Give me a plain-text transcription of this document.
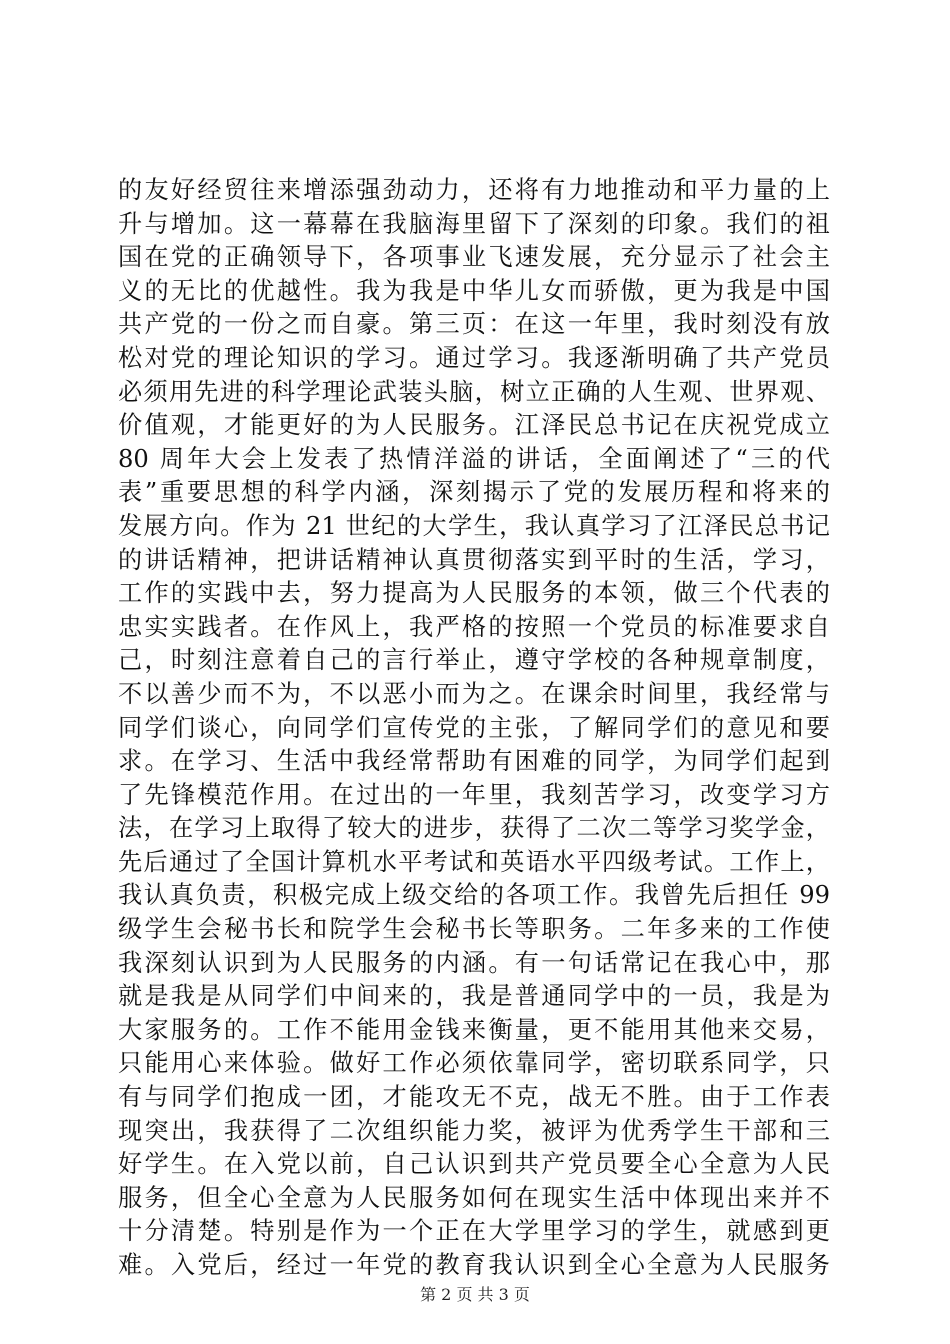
的友好经贸往来增添强劲动力，还将有力地推动和平力量的上
升与增加。这一幕幕在我脑海里留下了深刻的印象。我们的祖
国在党的正确领导下，各项事业飞速发展，充分显示了社会主
义的无比的优越性。我为我是中华儿女而骄傲，更为我是中国
共产党的一份之而自豪。第三页：在这一年里，我时刻没有放
松对党的理论知识的学习。通过学习。我逐渐明确了共产党员
必须用先进的科学理论武装头脑，树立正确的人生观、世界观、
价值观，才能更好的为人民服务。江泽民总书记在庆祝党成立
80 周年大会上发表了热情洋溢的讲话，全面阐述了“三的代
表”重要思想的科学内涵，深刻揭示了党的发展历程和将来的
发展方向。作为 21 世纪的大学生，我认真学习了江泽民总书记
的讲话精神，把讲话精神认真贯彻落实到平时的生活，学习，
工作的实践中去，努力提高为人民服务的本领，做三个代表的
忠实实践者。在作风上，我严格的按照一个党员的标准要求自
己，时刻注意着自己的言行举止，遵守学校的各种规章制度，
不以善少而不为，不以恶小而为之。在课余时间里，我经常与
同学们谈心，向同学们宣传党的主张，了解同学们的意见和要
求。在学习、生活中我经常帮助有困难的同学，为同学们起到
了先锋模范作用。在过出的一年里，我刻苦学习，改变学习方
法，在学习上取得了较大的进步，获得了二次二等学习奖学金，
先后通过了全国计算机水平考试和英语水平四级考试。工作上，
我认真负责，积极完成上级交给的各项工作。我曾先后担任 99
级学生会秘书长和院学生会秘书长等职务。二年多来的工作使
我深刻认识到为人民服务的内涵。有一句话常记在我心中，那
就是我是从同学们中间来的，我是普通同学中的一员，我是为
大家服务的。工作不能用金钱来衡量，更不能用其他来交易，
只能用心来体验。做好工作必须依靠同学，密切联系同学，只
有与同学们抱成一团，才能攻无不克，战无不胜。由于工作表
现突出，我获得了二次组织能力奖，被评为优秀学生干部和三
好学生。在入党以前，自己认识到共产党员要全心全意为人民
服务，但全心全意为人民服务如何在现实生活中体现出来并不
十分清楚。特别是作为一个正在大学里学习的学生，就感到更
难。入党后，经过一年党的教育我认识到全心全意为人民服务
第 2 页 共 3 页
